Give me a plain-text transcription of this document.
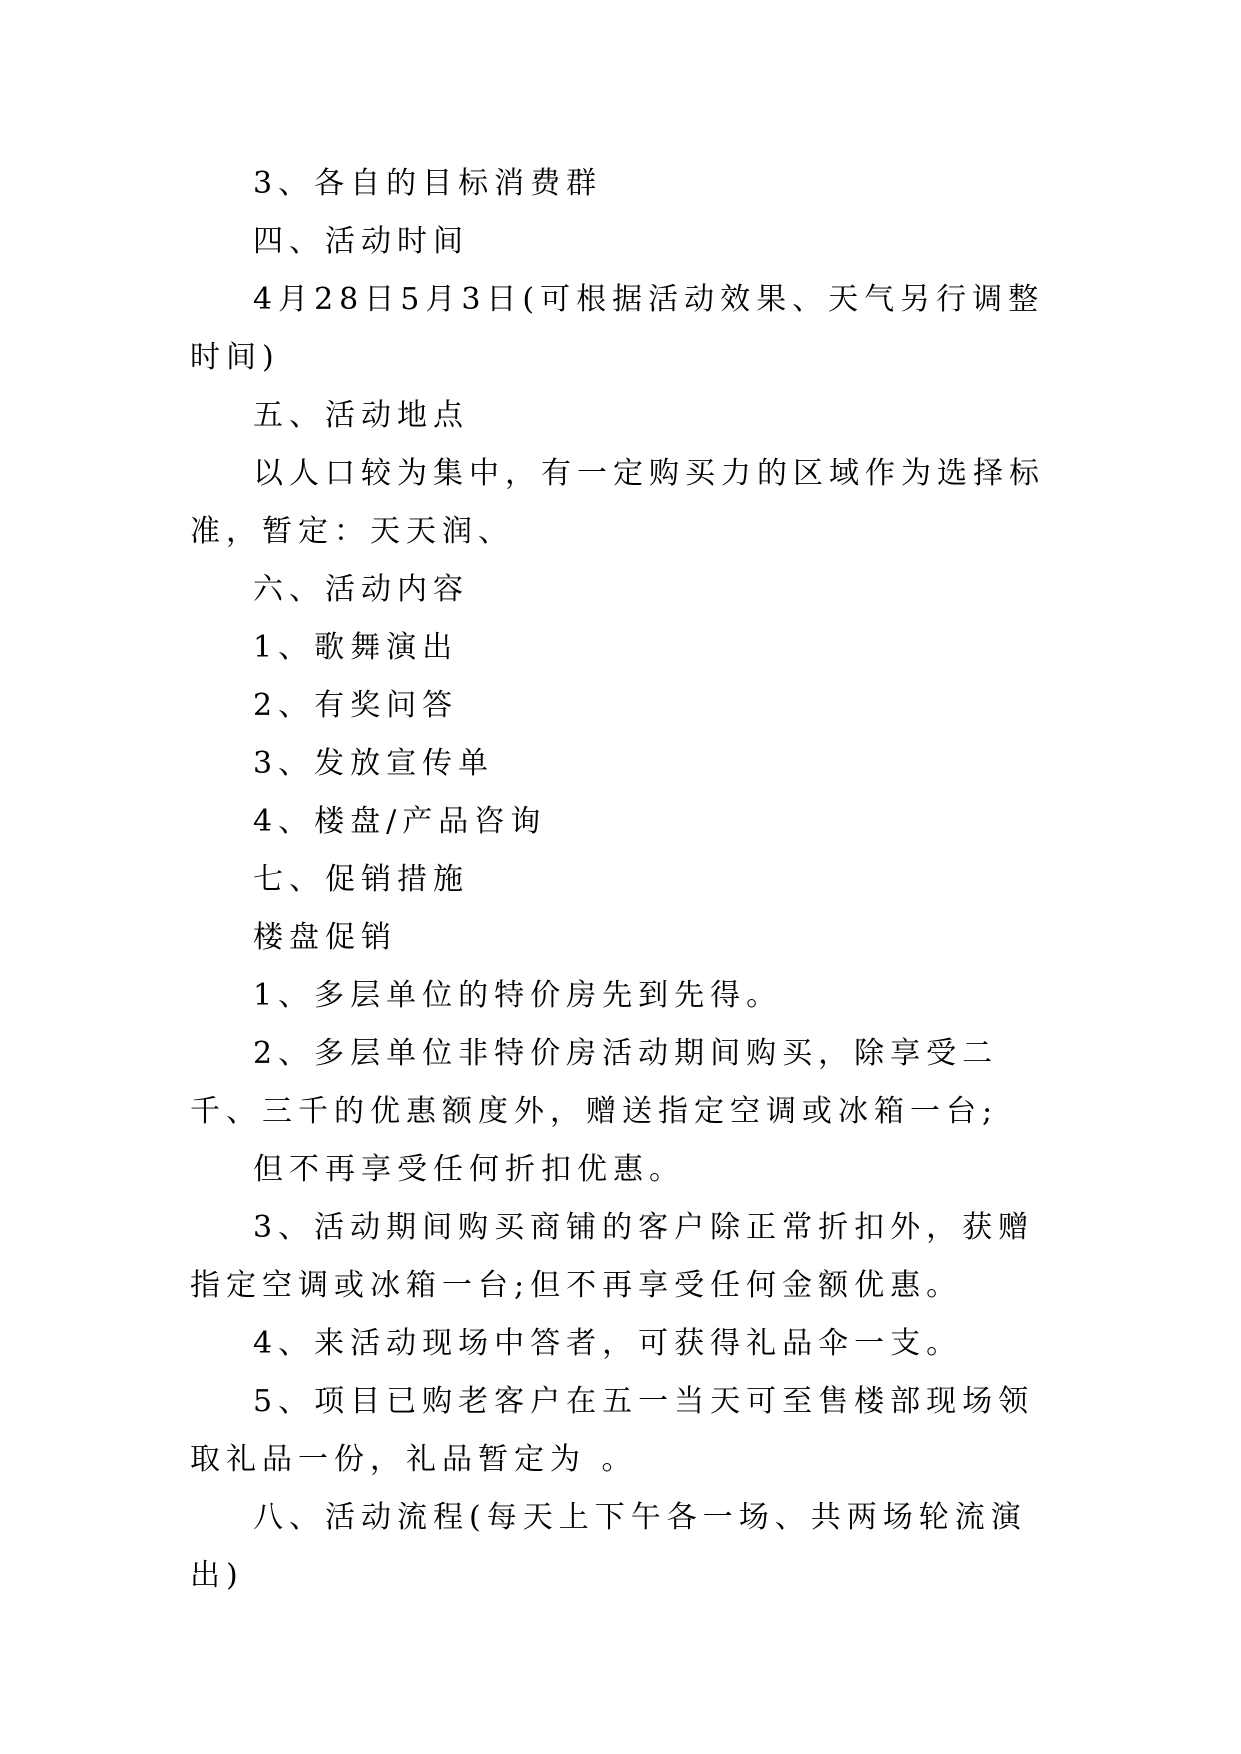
3、各自的目标消费群

四、活动时间

4月28日5月3日(可根据活动效果、天气另行调整时间)

五、活动地点

以人口较为集中，有一定购买力的区域作为选择标准，暂定：天天润、

六、活动内容

1、歌舞演出

2、有奖问答

3、发放宣传单

4、楼盘/产品咨询

七、促销措施

楼盘促销

1、多层单位的特价房先到先得。

2、多层单位非特价房活动期间购买，除享受二千、三千的优惠额度外，赠送指定空调或冰箱一台;

但不再享受任何折扣优惠。

3、活动期间购买商铺的客户除正常折扣外，获赠指定空调或冰箱一台;但不再享受任何金额优惠。

4、来活动现场中答者，可获得礼品伞一支。

5、项目已购老客户在五一当天可至售楼部现场领取礼品一份，礼品暂定为 。

八、活动流程(每天上下午各一场、共两场轮流演出)
